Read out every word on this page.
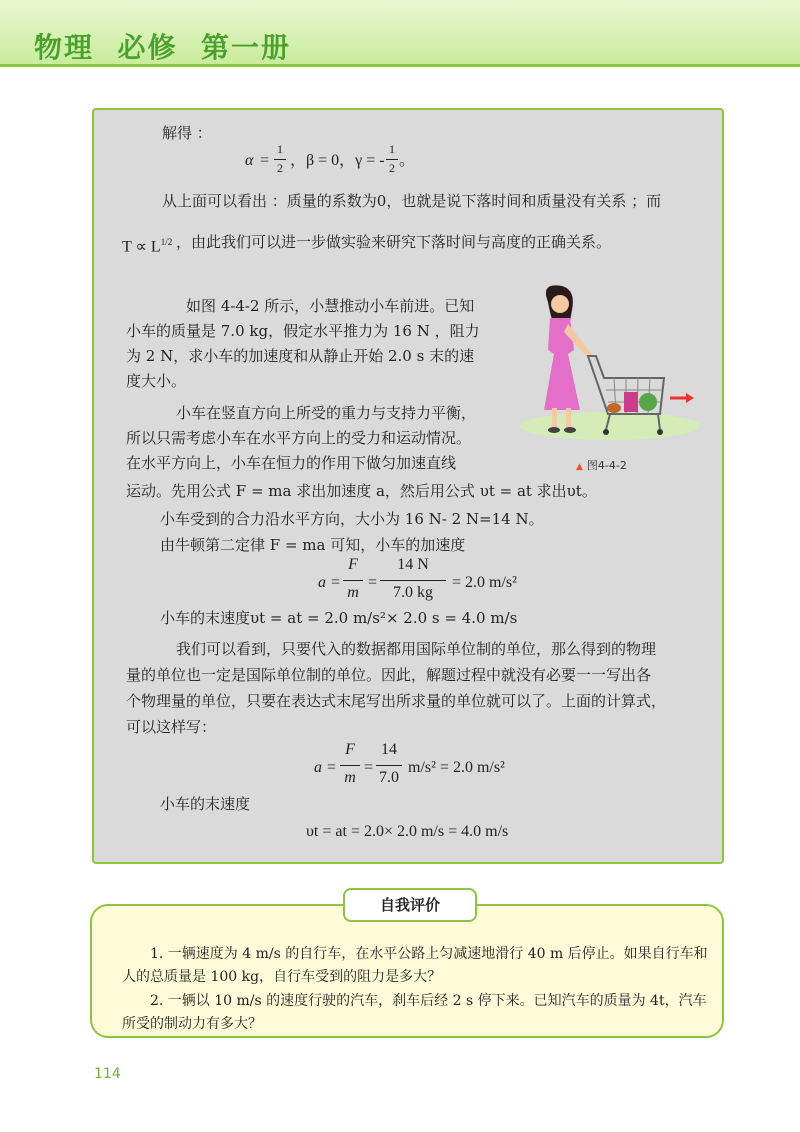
物理  必修  第一册
解得 ：
α =
1
2 ，β = 0，γ = -
1
2 。
从上面可以看出 ：质量的系数为0，也就是说下落时间和质量没有关系 ；而
$T \propto L^{1/2}$ ，由此我们可以进一步做实验来研究下落时间与高度的正确关系。
如图 4-4-2 所示，小慧推动小车前进。已知
小车的质量是 7.0 kg，假定水平推力为 16 N ，阻力
为 2 N，求小车的加速度和从静止开始 2.0 s 末的速
度大小。
小车在竖直方向上所受的重力与支持力平衡，
所以只需考虑小车在水平方向上的受力和运动情况。
在水平方向上，小车在恒力的作用下做匀加速直线
运动。先用公式 F = ma 求出加速度 a，然后用公式 υt = at 求出υt。
小车受到的合力沿水平方向，大小为 16 N- 2 N=14 N。
由牛顿第二定律 F = ma 可知，小车的加速度
▲ 图4-4-2
a =
F
m
=
14 N
7.0 kg
= 2.0 m/s²
小车的末速度υt = at = 2.0 m/s²× 2.0 s = 4.0 m/s
我们可以看到，只要代入的数据都用国际单位制的单位，那么得到的物理
量的单位也一定是国际单位制的单位。因此，解题过程中就没有必要一一写出各
个物理量的单位，只要在表达式末尾写出所求量的单位就可以了。上面的计算式，
可以这样写：
a =
F
m
=
14
7.0
m/s² = 2.0 m/s²
小车的末速度
υt = at = 2.0× 2.0 m/s = 4.0 m/s
自我评价
1. 一辆速度为 4 m/s 的自行车，在水平公路上匀减速地滑行 40 m 后停止。如果自行车和
人的总质量是 100 kg，自行车受到的阻力是多大？
2. 一辆以 10 m/s 的速度行驶的汽车，刹车后经 2 s 停下来。已知汽车的质量为 4t，汽车
所受的制动力有多大？
114
